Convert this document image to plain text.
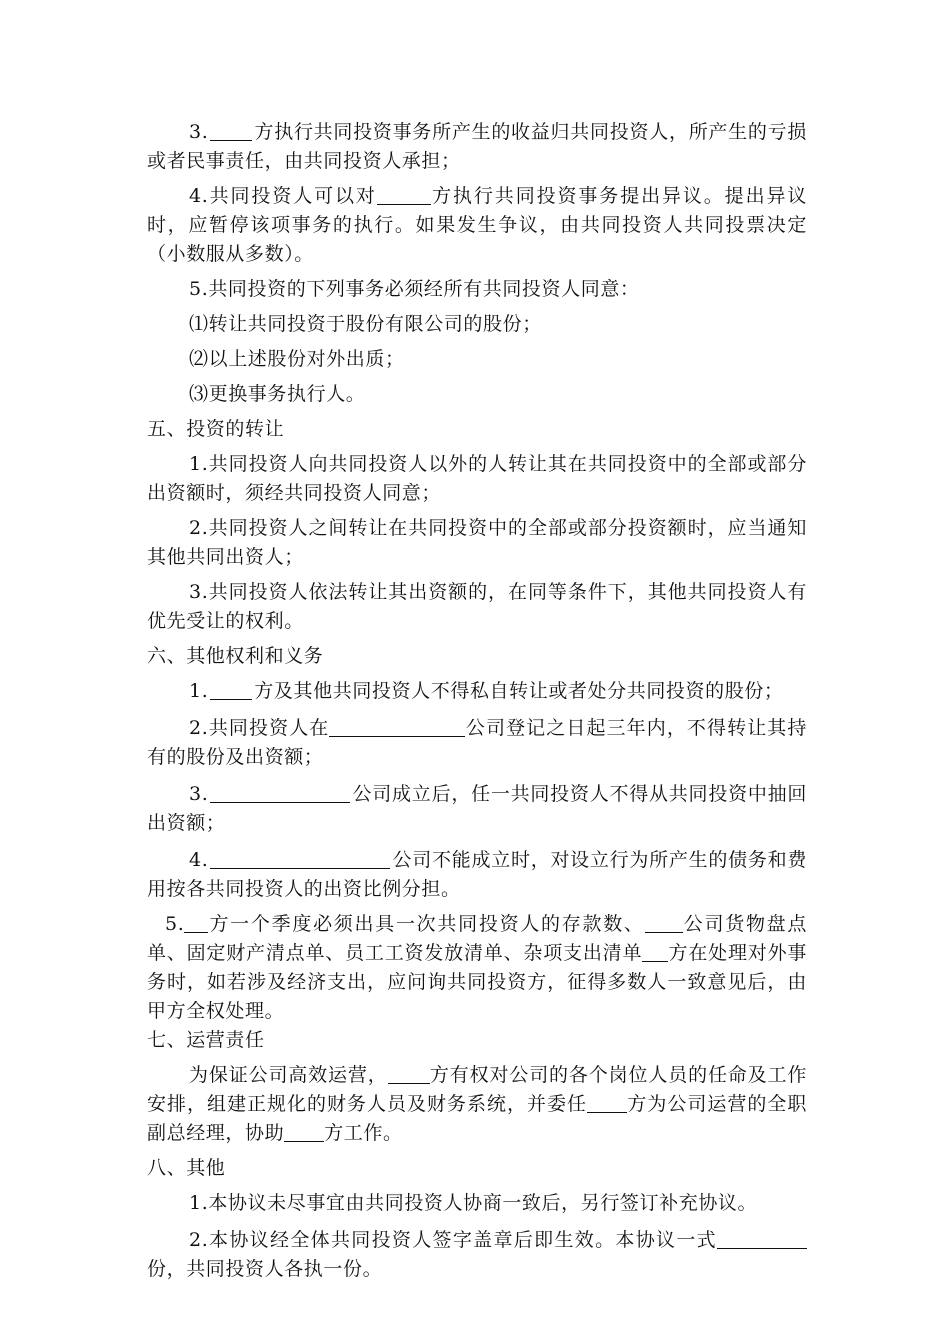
3. 方执行共同投资事务所产生的收益归共同投资人，所产生的亏损或者民事责任，由共同投资人承担；

4.共同投资人可以对	方执行共同投资事务提出异议。提出异议时，应暂停该项事务的执行。如果发生争议，由共同投资人共同投票决定（小数服从多数）。

5.共同投资的下列事务必须经所有共同投资人同意：

⑴转让共同投资于股份有限公司的股份；

⑵以上述股份对外出质；

⑶更换事务执行人。

五、投资的转让

1.共同投资人向共同投资人以外的人转让其在共同投资中的全部或部分出资额时，须经共同投资人同意；

2.共同投资人之间转让在共同投资中的全部或部分投资额时，应当通知其他共同出资人；

3.共同投资人依法转让其出资额的，在同等条件下，其他共同投资人有优先受让的权利。

六、其他权利和义务

1. 方及其他共同投资人不得私自转让或者处分共同投资的股份；

2.共同投资人在	公司登记之日起三年内，不得转让其持有的股份及出资额；

3.	公司成立后，任一共同投资人不得从共同投资中抽回出资额；

4.	公司不能成立时，对设立行为所产生的债务和费用按各共同投资人的出资比例分担。

5. 方一个季度必须出具一次共同投资人的存款数、 公司货物盘点单、固定财产清点单、员工工资发放清单、杂项支出清单 方在处理对外事务时，如若涉及经济支出，应问询共同投资方，征得多数人一致意见后，由甲方全权处理。

七、运营责任

为保证公司高效运营， 方有权对公司的各个岗位人员的任命及工作安排，组建正规化的财务人员及财务系统，并委任 方为公司运营的全职副总经理，协助 方工作。

八、其他

1.本协议未尽事宜由共同投资人协商一致后，另行签订补充协议。

2.本协议经全体共同投资人签字盖章后即生效。本协议一式份，共同投资人各执一份。
